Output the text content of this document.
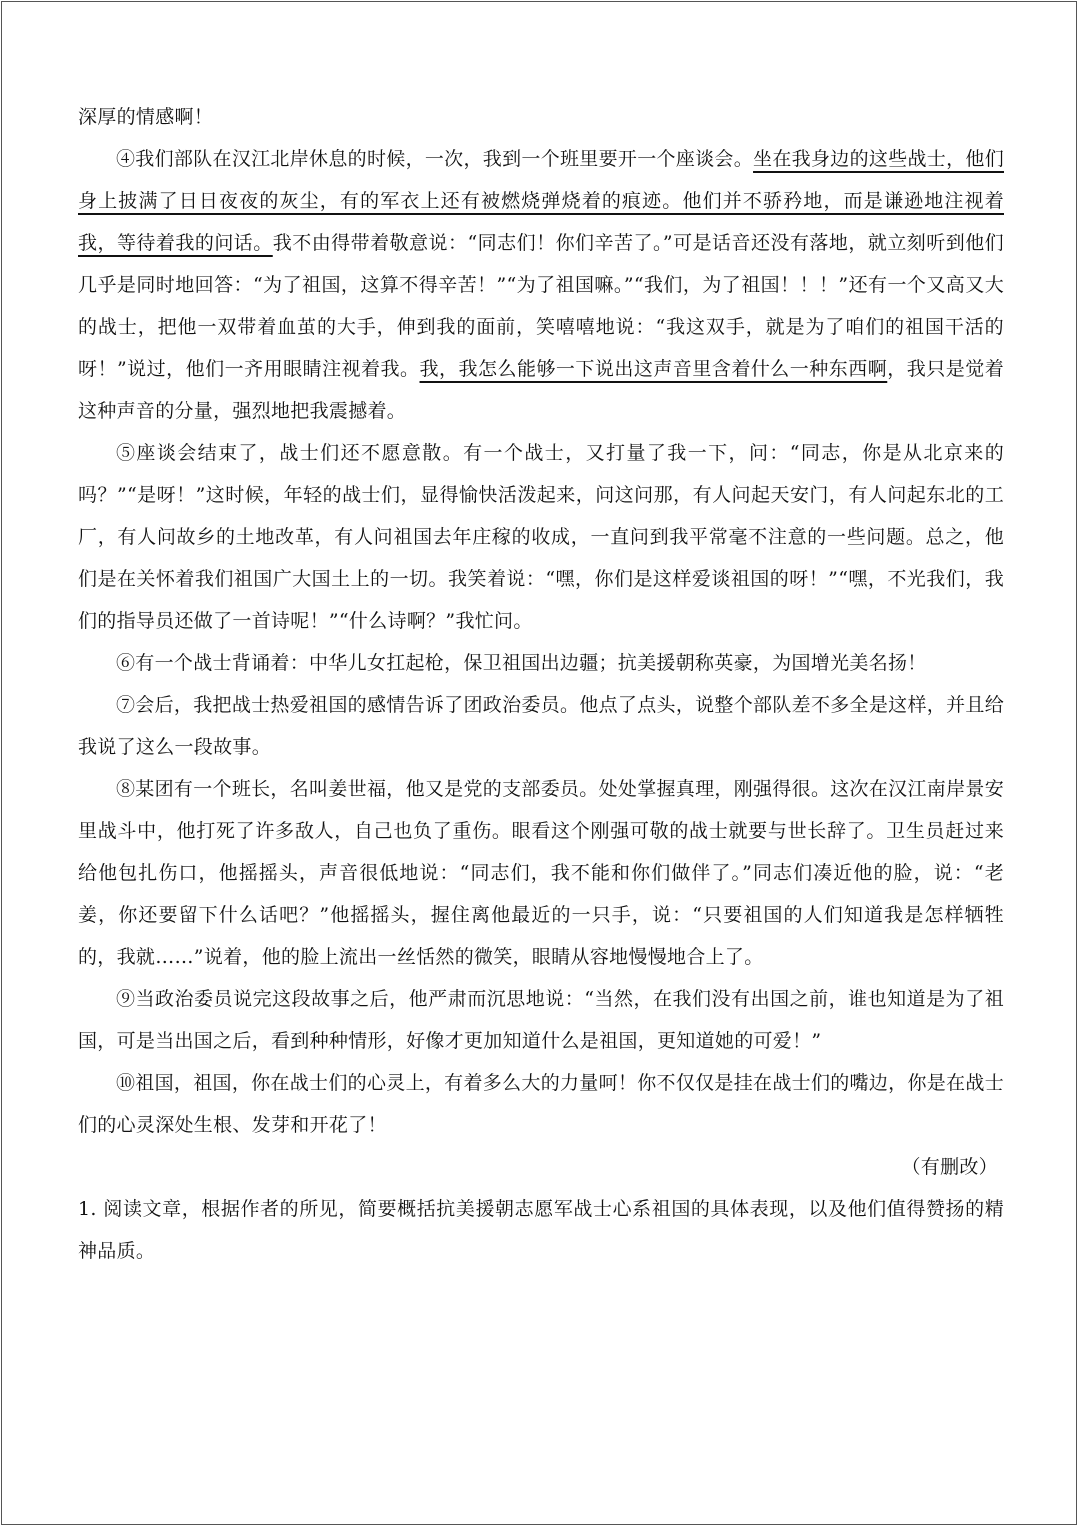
深厚的情感啊！

④我们部队在汉江北岸休息的时候，一次，我到一个班里要开一个座谈会。坐在我身边的这些战士，他们身上披满了日日夜夜的灰尘，有的军衣上还有被燃烧弹烧着的痕迹。他们并不骄矜地，而是谦逊地注视着我，等待着我的问话。我不由得带着敬意说：“同志们！你们辛苦了。”可是话音还没有落地，就立刻听到他们几乎是同时地回答：“为了祖国，这算不得辛苦！”“为了祖国嘛。”“我们，为了祖国！！！”还有一个又高又大的战士，把他一双带着血茧的大手，伸到我的面前，笑嘻嘻地说：“我这双手，就是为了咱们的祖国干活的呀！”说过，他们一齐用眼睛注视着我。我，我怎么能够一下说出这声音里含着什么一种东西啊，我只是觉着这种声音的分量，强烈地把我震撼着。

⑤座谈会结束了，战士们还不愿意散。有一个战士，又打量了我一下，问：“同志，你是从北京来的吗？”“是呀！”这时候，年轻的战士们，显得愉快活泼起来，问这问那，有人问起天安门，有人问起东北的工厂，有人问故乡的土地改革，有人问祖国去年庄稼的收成，一直问到我平常毫不注意的一些问题。总之，他们是在关怀着我们祖国广大国土上的一切。我笑着说：“嘿，你们是这样爱谈祖国的呀！”“嘿，不光我们，我们的指导员还做了一首诗呢！”“什么诗啊？”我忙问。

⑥有一个战士背诵着：中华儿女扛起枪，保卫祖国出边疆；抗美援朝称英豪，为国增光美名扬！

⑦会后，我把战士热爱祖国的感情告诉了团政治委员。他点了点头，说整个部队差不多全是这样，并且给我说了这么一段故事。

⑧某团有一个班长，名叫姜世福，他又是党的支部委员。处处掌握真理，刚强得很。这次在汉江南岸景安里战斗中，他打死了许多敌人，自己也负了重伤。眼看这个刚强可敬的战士就要与世长辞了。卫生员赶过来给他包扎伤口，他摇摇头，声音很低地说：“同志们，我不能和你们做伴了。”同志们凑近他的脸，说：“老姜，你还要留下什么话吧？”他摇摇头，握住离他最近的一只手，说：“只要祖国的人们知道我是怎样牺牲的，我就……”说着，他的脸上流出一丝恬然的微笑，眼睛从容地慢慢地合上了。

⑨当政治委员说完这段故事之后，他严肃而沉思地说：“当然，在我们没有出国之前，谁也知道是为了祖国，可是当出国之后，看到种种情形，好像才更加知道什么是祖国，更知道她的可爱！”

⑩祖国，祖国，你在战士们的心灵上，有着多么大的力量呵！你不仅仅是挂在战士们的嘴边，你是在战士们的心灵深处生根、发芽和开花了！

（有删改）

1. 阅读文章，根据作者的所见，简要概括抗美援朝志愿军战士心系祖国的具体表现，以及他们值得赞扬的精神品质。
